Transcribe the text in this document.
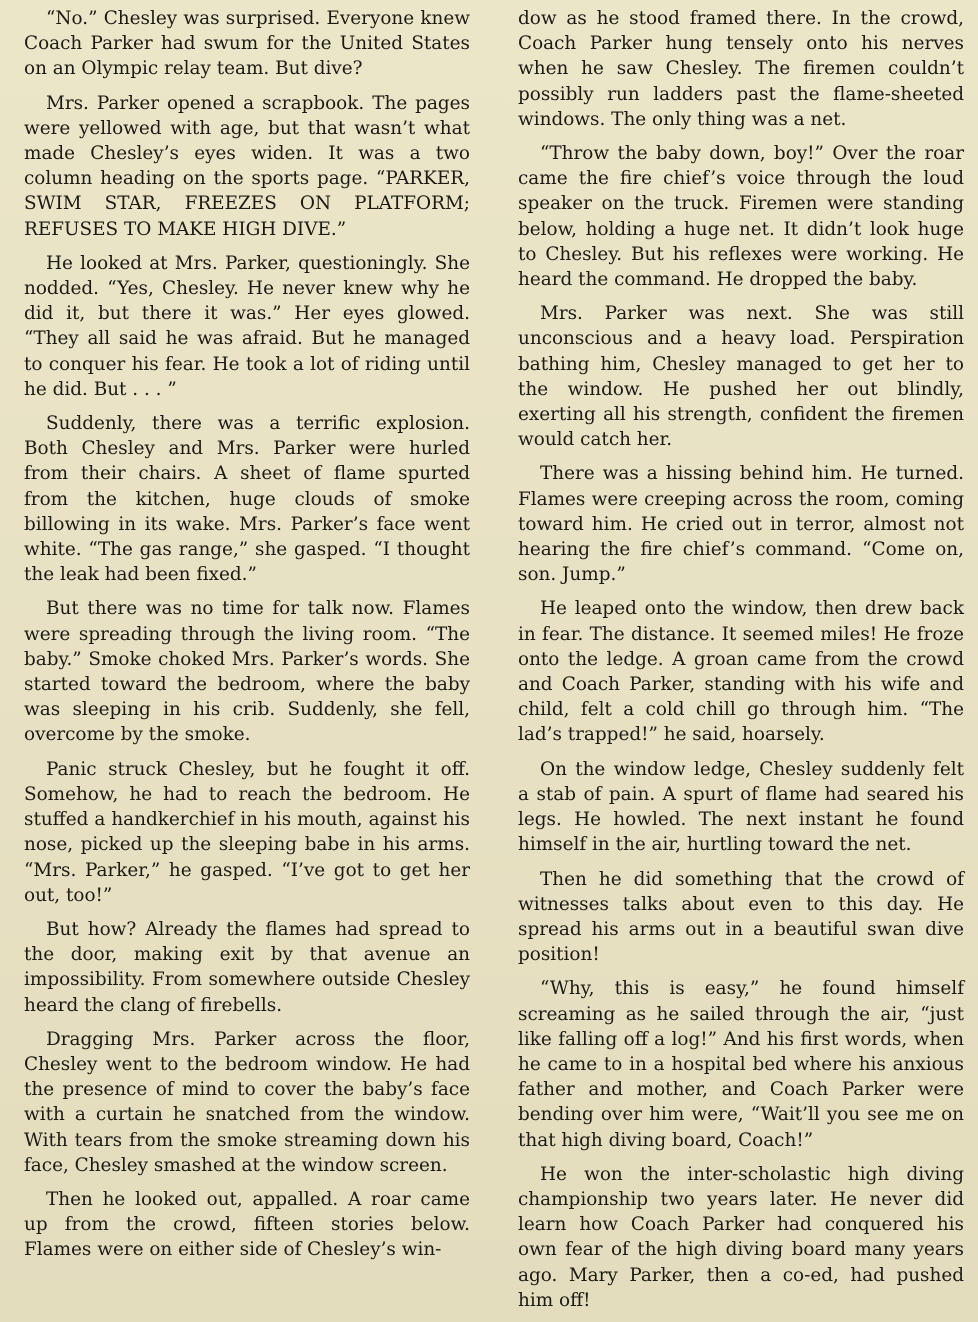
“No.” Chesley was surprised. Everyone knew Coach Parker had swum for the United States on an Olympic relay team. But dive?

Mrs. Parker opened a scrapbook. The pages were yellowed with age, but that wasn’t what made Chesley’s eyes widen. It was a two column heading on the sports page. “PARKER, SWIM STAR, FREEZES ON PLATFORM; REFUSES TO MAKE HIGH DIVE.”

He looked at Mrs. Parker, questioningly. She nodded. “Yes, Chesley. He never knew why he did it, but there it was.” Her eyes glowed. “They all said he was afraid. But he managed to conquer his fear. He took a lot of riding until he did. But . . . ”

Suddenly, there was a terrific explosion. Both Chesley and Mrs. Parker were hurled from their chairs. A sheet of flame spurted from the kitchen, huge clouds of smoke billowing in its wake. Mrs. Parker’s face went white. “The gas range,” she gasped. “I thought the leak had been fixed.”

But there was no time for talk now. Flames were spreading through the living room. “The baby.” Smoke choked Mrs. Parker’s words. She started toward the bedroom, where the baby was sleeping in his crib. Suddenly, she fell, overcome by the smoke.

Panic struck Chesley, but he fought it off. Somehow, he had to reach the bedroom. He stuffed a handkerchief in his mouth, against his nose, picked up the sleeping babe in his arms. “Mrs. Parker,” he gasped. “I’ve got to get her out, too!”

But how? Already the flames had spread to the door, making exit by that avenue an impossibility. From somewhere outside Chesley heard the clang of firebells.

Dragging Mrs. Parker across the floor, Chesley went to the bedroom window. He had the presence of mind to cover the baby’s face with a curtain he snatched from the window. With tears from the smoke streaming down his face, Chesley smashed at the window screen.

Then he looked out, appalled. A roar came up from the crowd, fifteen stories below. Flames were on either side of Chesley’s win-

dow as he stood framed there. In the crowd, Coach Parker hung tensely onto his nerves when he saw Chesley. The firemen couldn’t possibly run ladders past the flame-sheeted windows. The only thing was a net.

“Throw the baby down, boy!” Over the roar came the fire chief’s voice through the loud speaker on the truck. Firemen were standing below, holding a huge net. It didn’t look huge to Chesley. But his reflexes were working. He heard the command. He dropped the baby.

Mrs. Parker was next. She was still unconscious and a heavy load. Perspiration bathing him, Chesley managed to get her to the window. He pushed her out blindly, exerting all his strength, confident the firemen would catch her.

There was a hissing behind him. He turned. Flames were creeping across the room, coming toward him. He cried out in terror, almost not hearing the fire chief’s command. “Come on, son. Jump.”

He leaped onto the window, then drew back in fear. The distance. It seemed miles! He froze onto the ledge. A groan came from the crowd and Coach Parker, standing with his wife and child, felt a cold chill go through him. “The lad’s trapped!” he said, hoarsely.

On the window ledge, Chesley suddenly felt a stab of pain. A spurt of flame had seared his legs. He howled. The next instant he found himself in the air, hurtling toward the net.

Then he did something that the crowd of witnesses talks about even to this day. He spread his arms out in a beautiful swan dive position!

“Why, this is easy,” he found himself screaming as he sailed through the air, “just like falling off a log!” And his first words, when he came to in a hospital bed where his anxious father and mother, and Coach Parker were bending over him were, “Wait’ll you see me on that high diving board, Coach!”

He won the inter-scholastic high diving championship two years later. He never did learn how Coach Parker had conquered his own fear of the high diving board many years ago. Mary Parker, then a co-ed, had pushed him off!
